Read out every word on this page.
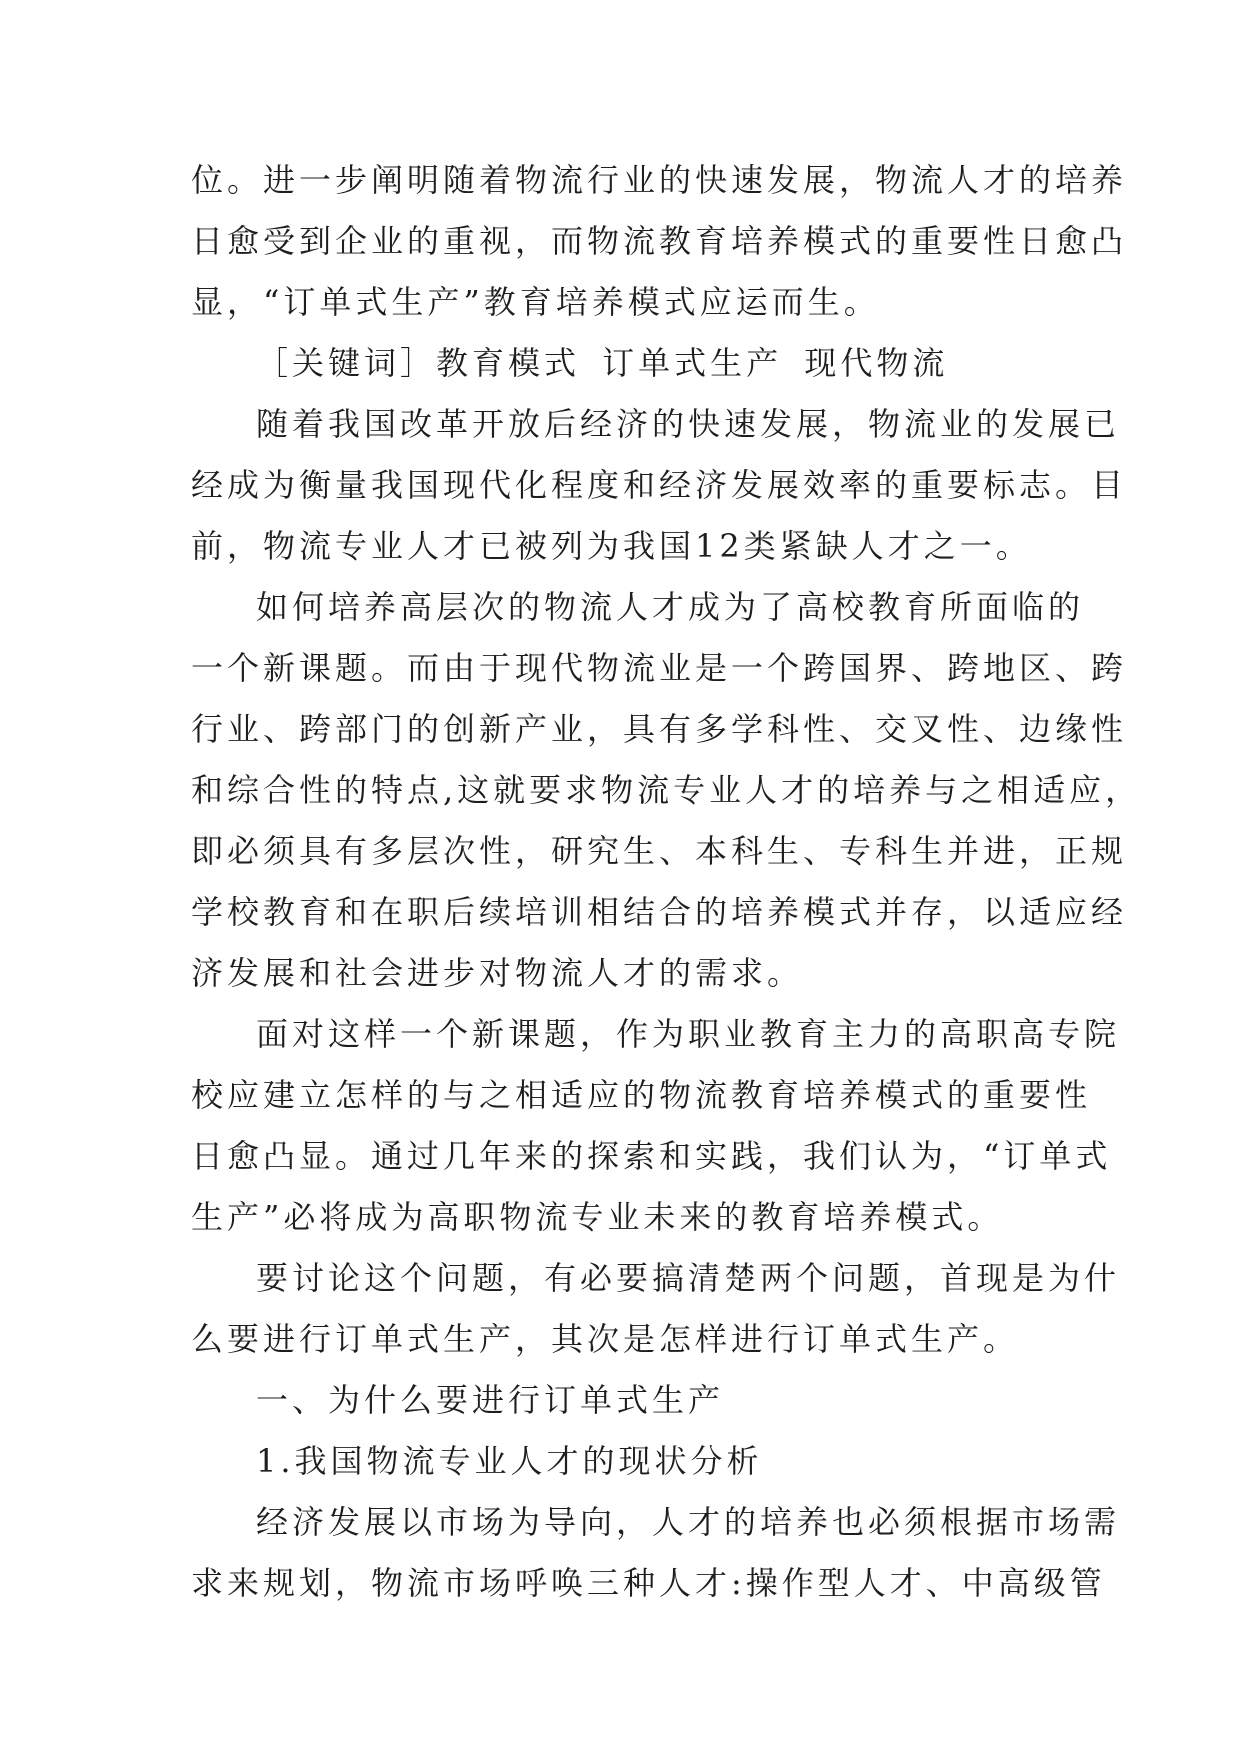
位。进一步阐明随着物流行业的快速发展，物流人才的培养
日愈受到企业的重视，而物流教育培养模式的重要性日愈凸
显，“订单式生产”教育培养模式应运而生。
［关键词］教育模式 订单式生产 现代物流
随着我国改革开放后经济的快速发展，物流业的发展已
经成为衡量我国现代化程度和经济发展效率的重要标志。目
前，物流专业人才已被列为我国12类紧缺人才之一。
如何培养高层次的物流人才成为了高校教育所面临的
一个新课题。而由于现代物流业是一个跨国界、跨地区、跨
行业、跨部门的创新产业，具有多学科性、交叉性、边缘性
和综合性的特点,这就要求物流专业人才的培养与之相适应，
即必须具有多层次性，研究生、本科生、专科生并进，正规
学校教育和在职后续培训相结合的培养模式并存，以适应经
济发展和社会进步对物流人才的需求。
面对这样一个新课题，作为职业教育主力的高职高专院
校应建立怎样的与之相适应的物流教育培养模式的重要性
日愈凸显。通过几年来的探索和实践，我们认为，“订单式
生产”必将成为高职物流专业未来的教育培养模式。
要讨论这个问题，有必要搞清楚两个问题，首现是为什
么要进行订单式生产，其次是怎样进行订单式生产。
一、为什么要进行订单式生产
1.我国物流专业人才的现状分析
经济发展以市场为导向，人才的培养也必须根据市场需
求来规划，物流市场呼唤三种人才:操作型人才、中高级管
